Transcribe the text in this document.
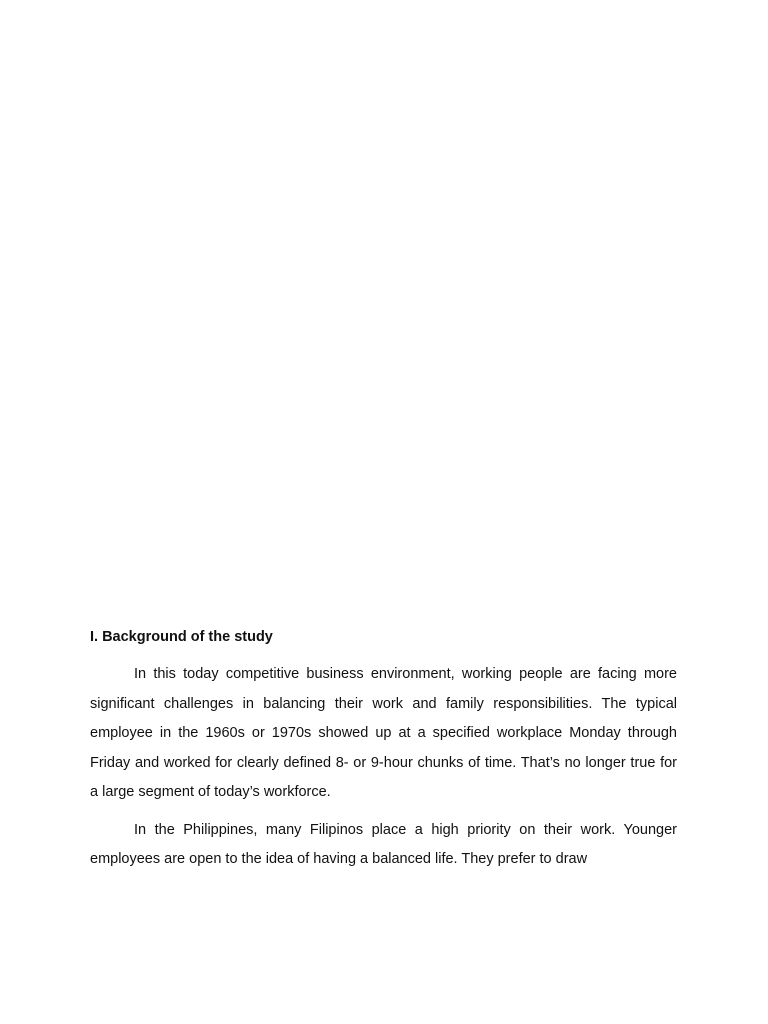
I. Background of the study

In this today competitive business environment, working people are facing more significant challenges in balancing their work and family responsibilities. The typical employee in the 1960s or 1970s showed up at a specified workplace Monday through Friday and worked for clearly defined 8- or 9-hour chunks of time. That’s no longer true for a large segment of today’s workforce.

In the Philippines, many Filipinos place a high priority on their work. Younger employees are open to the idea of having a balanced life. They prefer to draw
